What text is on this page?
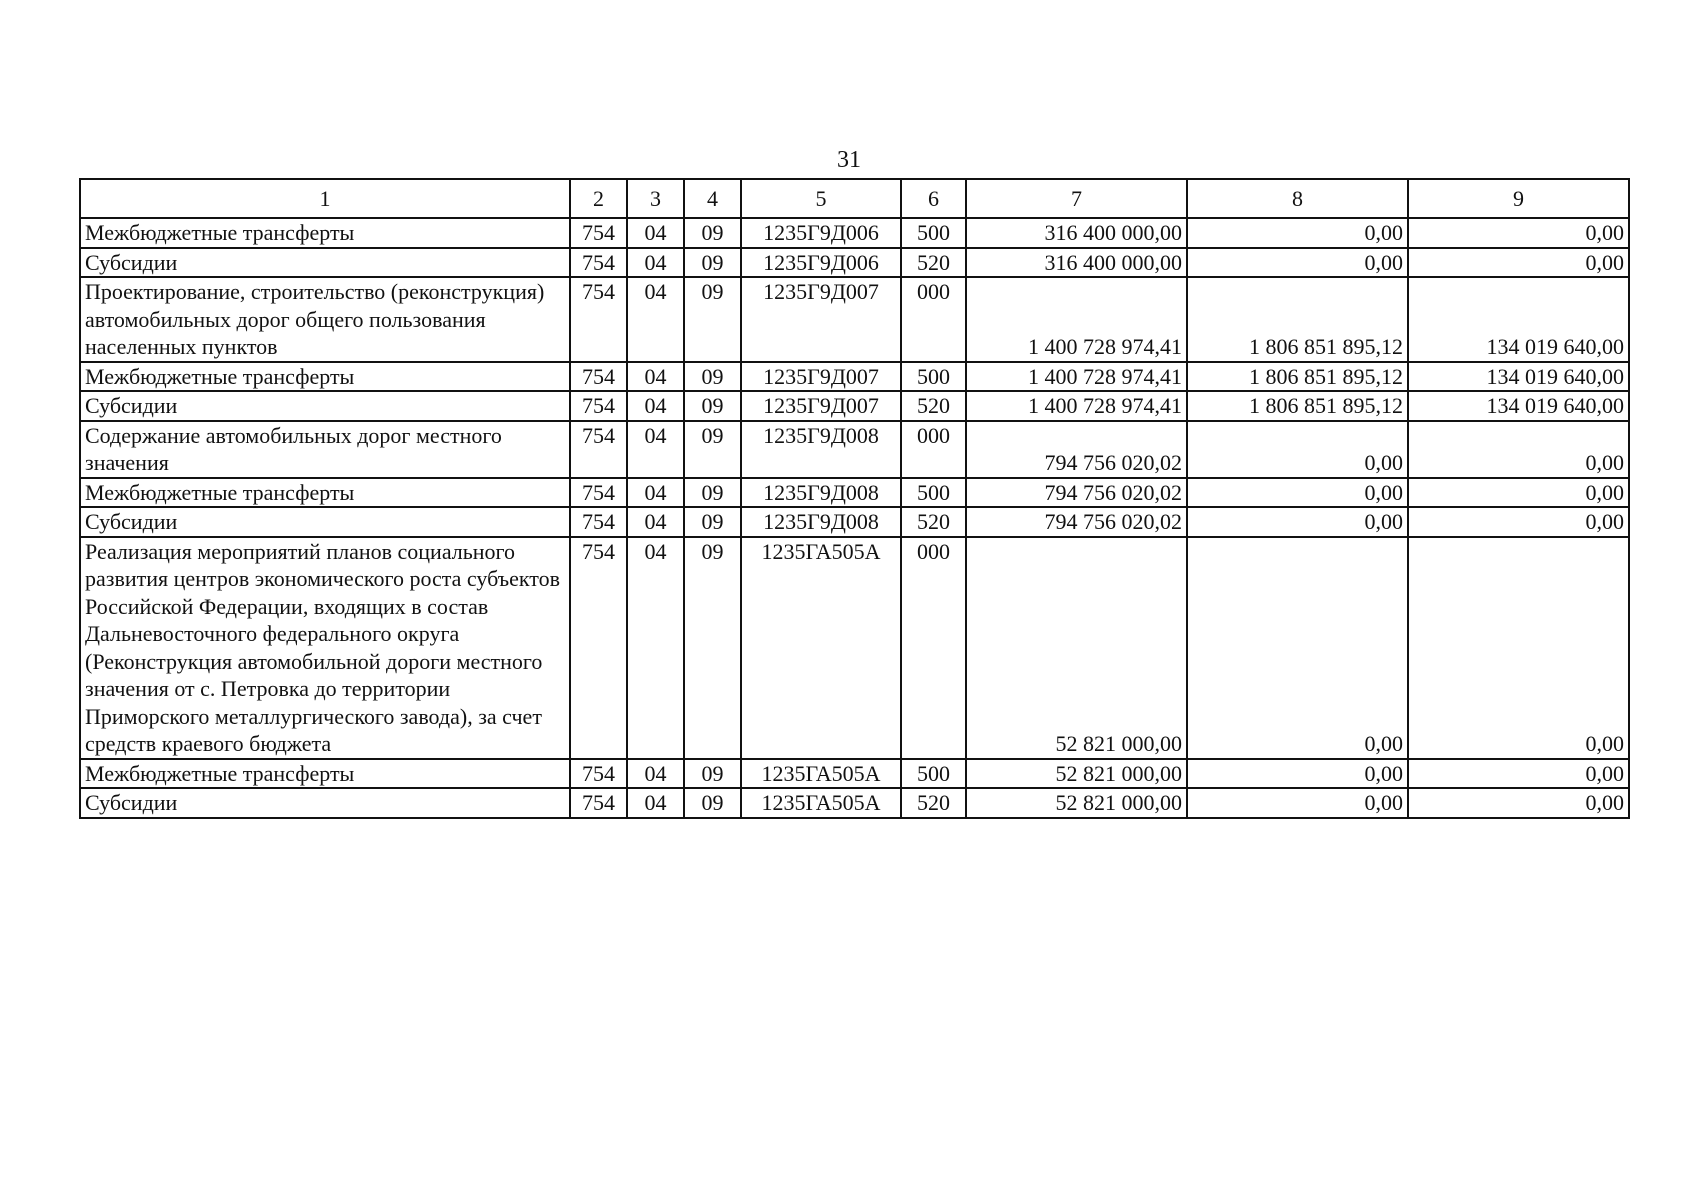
31
1	2	3	4	5	6	7	8	9
Межбюджетные трансферты	754	04	09	1235Г9Д006	500	316 400 000,00	0,00	0,00
Субсидии	754	04	09	1235Г9Д006	520	316 400 000,00	0,00	0,00
Проектирование, строительство (реконструкция) автомобильных дорог общего пользования населенных пунктов	754	04	09	1235Г9Д007	000	1 400 728 974,41	1 806 851 895,12	134 019 640,00
Межбюджетные трансферты	754	04	09	1235Г9Д007	500	1 400 728 974,41	1 806 851 895,12	134 019 640,00
Субсидии	754	04	09	1235Г9Д007	520	1 400 728 974,41	1 806 851 895,12	134 019 640,00
Содержание автомобильных дорог местного значения	754	04	09	1235Г9Д008	000	794 756 020,02	0,00	0,00
Межбюджетные трансферты	754	04	09	1235Г9Д008	500	794 756 020,02	0,00	0,00
Субсидии	754	04	09	1235Г9Д008	520	794 756 020,02	0,00	0,00
Реализация мероприятий планов социального развития центров экономического роста субъектов Российской Федерации, входящих в состав Дальневосточного федерального округа (Реконструкция автомобильной дороги местного значения от с. Петровка до территории Приморского металлургического завода), за счет средств краевого бюджета	754	04	09	1235ГА505А	000	52 821 000,00	0,00	0,00
Межбюджетные трансферты	754	04	09	1235ГА505А	500	52 821 000,00	0,00	0,00
Субсидии	754	04	09	1235ГА505А	520	52 821 000,00	0,00	0,00
